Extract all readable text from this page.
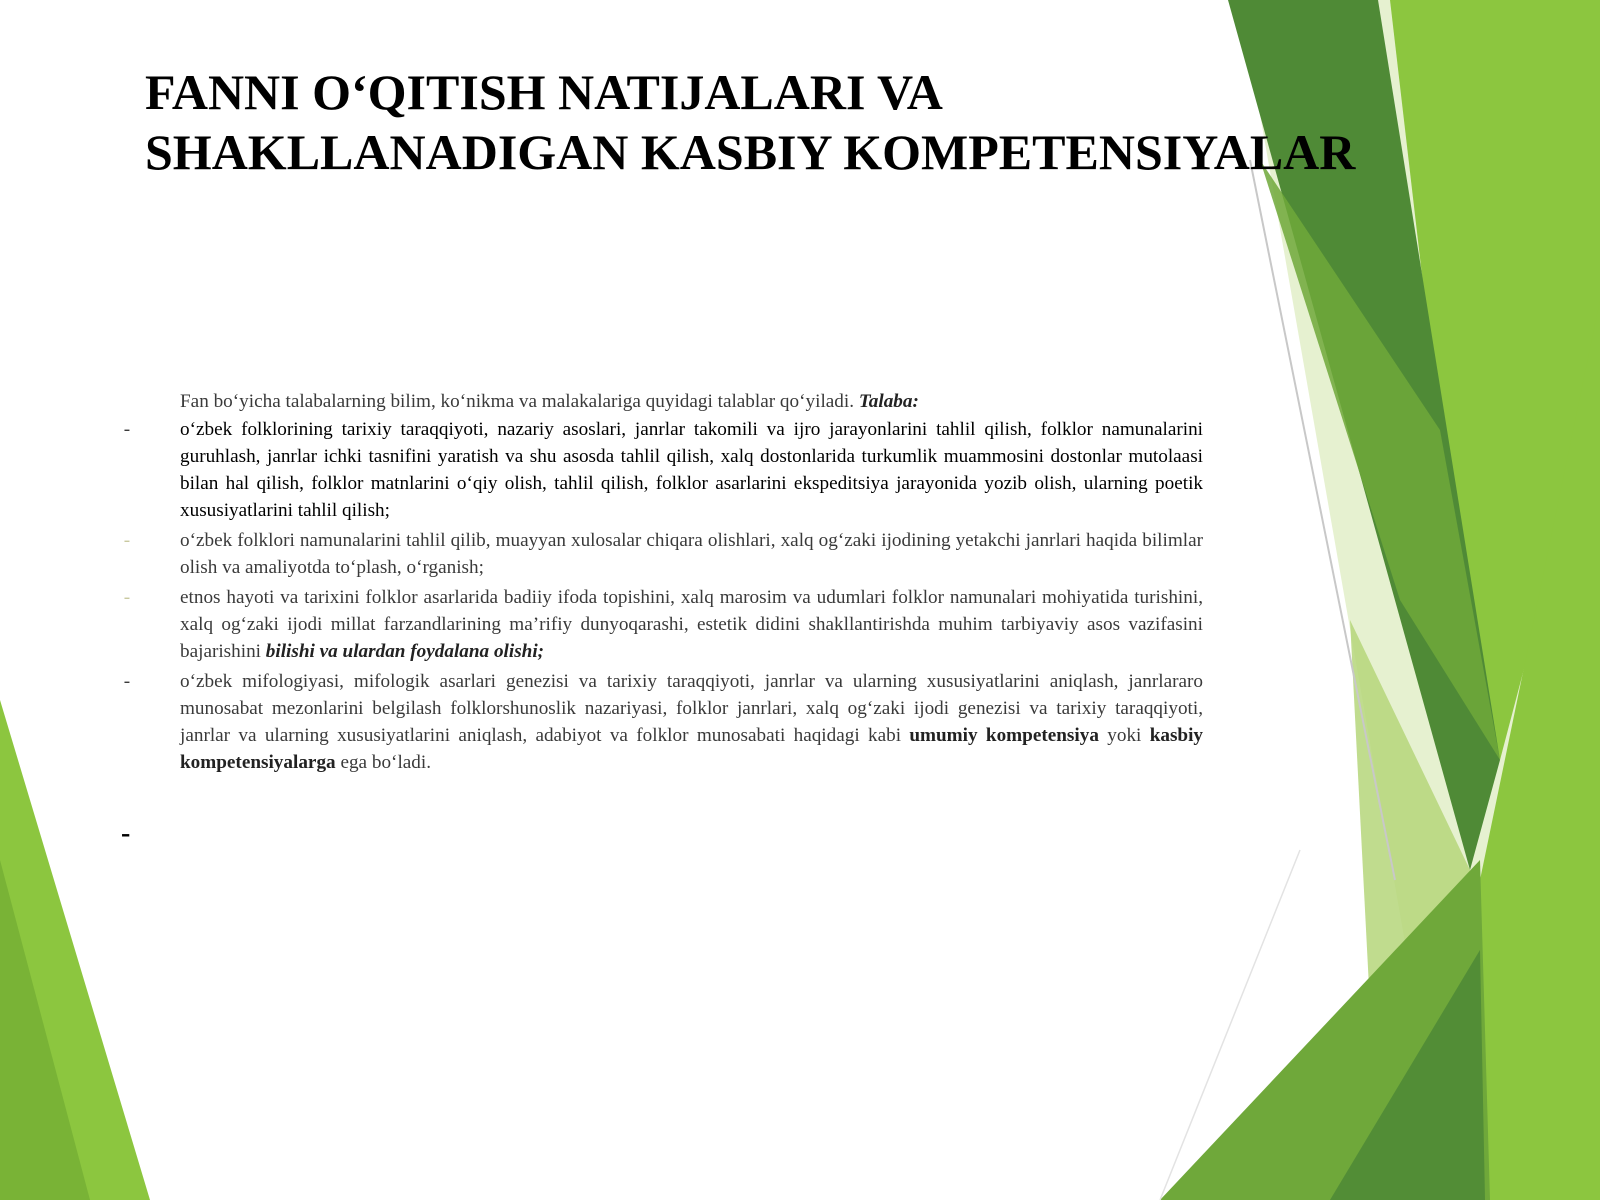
FANNI O‘QITISH NATIJALARI VA
SHAKLLANADIGAN KASBIY KOMPETENSIYALAR

Fan bo‘yicha talabalarning bilim, ko‘nikma va malakalariga quyidagi talablar qo‘yiladi. Talaba:

-	o‘zbek folklorining tarixiy taraqqiyoti, nazariy asoslari, janrlar takomili va ijro jarayonlarini tahlil qilish, folklor namunalarini guruhlash, janrlar ichki tasnifini yaratish va shu asosda tahlil qilish, xalq dostonlarida turkumlik muammosini dostonlar mutolaasi bilan hal qilish, folklor matnlarini o‘qiy olish, tahlil qilish, folklor asarlarini ekspeditsiya jarayonida yozib olish, ularning poetik xususiyatlarini tahlil qilish;

-	o‘zbek folklori namunalarini tahlil qilib, muayyan xulosalar chiqara olishlari, xalq og‘zaki ijodining yetakchi janrlari haqida bilimlar olish va amaliyotda to‘plash, o‘rganish;

-	etnos hayoti va tarixini folklor asarlarida badiiy ifoda topishini, xalq marosim va udumlari folklor namunalari mohiyatida turishini, xalq og‘zaki ijodi millat farzandlarining ma’rifiy dunyoqarashi, estetik didini shakllantirishda muhim tarbiyaviy asos vazifasini bajarishini bilishi va ulardan foydalana olishi;

-	o‘zbek mifologiyasi, mifologik asarlari genezisi va tarixiy taraqqiyoti, janrlar va ularning xususiyatlarini aniqlash, janrlararo munosabat mezonlarini belgilash folklorshunoslik nazariyasi, folklor janrlari, xalq og‘zaki ijodi genezisi va tarixiy taraqqiyoti, janrlar va ularning xususiyatlarini aniqlash, adabiyot va folklor munosabati haqidagi kabi umumiy kompetensiya yoki kasbiy kompetensiyalarga ega bo‘ladi.

-
